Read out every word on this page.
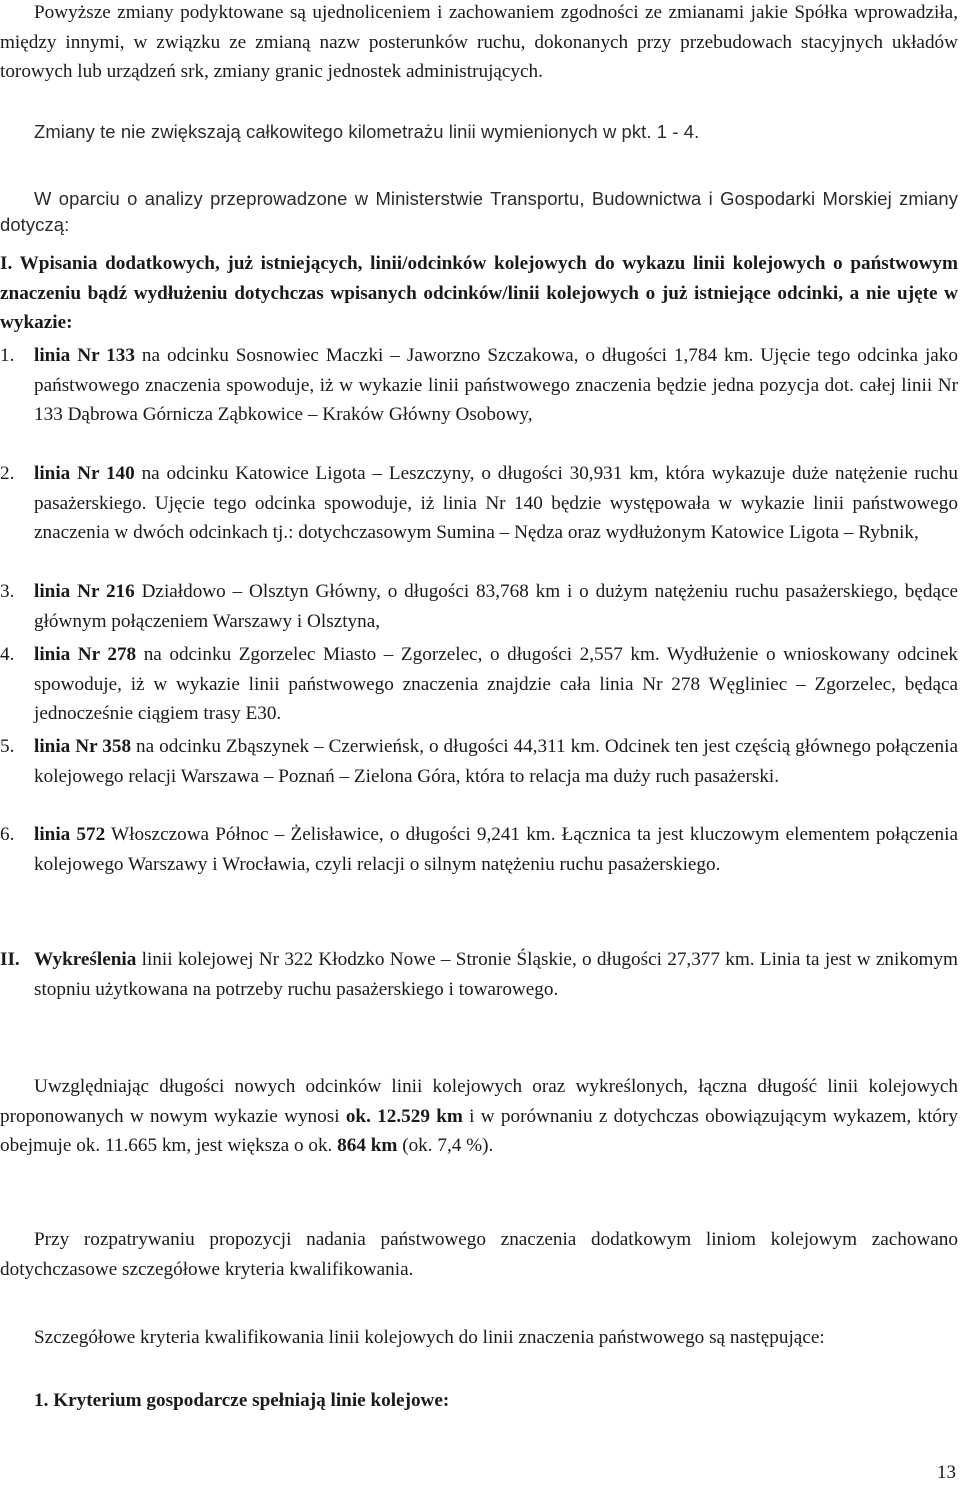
Powyższe zmiany podyktowane są ujednoliceniem i zachowaniem zgodności ze zmianami jakie Spółka wprowadziła, między innymi, w związku ze zmianą nazw posterunków ruchu, dokonanych przy przebudowach stacyjnych układów torowych lub urządzeń srk, zmiany granic jednostek administrujących.

Zmiany te nie zwiększają całkowitego kilometrażu linii wymienionych w pkt. 1 - 4.

W oparciu o analizy przeprowadzone w Ministerstwie Transportu, Budownictwa i Gospodarki Morskiej zmiany dotyczą:

I. Wpisania dodatkowych, już istniejących, linii/odcinków kolejowych do wykazu linii kolejowych o państwowym znaczeniu bądź wydłużeniu dotychczas wpisanych odcinków/linii kolejowych o już istniejące odcinki, a nie ujęte w wykazie:

1.	linia Nr 133 na odcinku Sosnowiec Maczki – Jaworzno Szczakowa, o długości 1,784 km. Ujęcie tego odcinka jako państwowego znaczenia spowoduje, iż w wykazie linii państwowego znaczenia będzie jedna pozycja dot. całej linii Nr 133 Dąbrowa Górnicza Ząbkowice – Kraków Główny Osobowy,
2.	linia Nr 140 na odcinku Katowice Ligota – Leszczyny, o długości 30,931 km, która wykazuje duże natężenie ruchu pasażerskiego. Ujęcie tego odcinka spowoduje, iż linia Nr 140 będzie występowała w wykazie linii państwowego znaczenia w dwóch odcinkach tj.: dotychczasowym Sumina – Nędza oraz wydłużonym Katowice Ligota – Rybnik,
3.	linia Nr 216 Działdowo – Olsztyn Główny, o długości 83,768 km i o dużym natężeniu ruchu pasażerskiego, będące głównym połączeniem Warszawy i Olsztyna,
4.	linia Nr 278 na odcinku Zgorzelec Miasto – Zgorzelec, o długości 2,557 km. Wydłużenie o wnioskowany odcinek spowoduje, iż w wykazie linii państwowego znaczenia znajdzie cała linia Nr 278 Węgliniec – Zgorzelec, będąca jednocześnie ciągiem trasy E30.
5.	linia Nr 358 na odcinku Zbąszynek – Czerwieńsk, o długości 44,311 km. Odcinek ten jest częścią głównego połączenia kolejowego relacji Warszawa – Poznań – Zielona Góra, która to relacja ma duży ruch pasażerski.
6.	linia 572 Włoszczowa Północ – Żelisławice, o długości 9,241 km. Łącznica ta jest kluczowym elementem połączenia kolejowego Warszawy i Wrocławia, czyli relacji o silnym natężeniu ruchu pasażerskiego.
II. Wykreślenia linii kolejowej Nr 322 Kłodzko Nowe – Stronie Śląskie, o długości 27,377 km. Linia ta jest w znikomym stopniu użytkowana na potrzeby ruchu pasażerskiego i towarowego.

Uwzględniając długości nowych odcinków linii kolejowych oraz wykreślonych, łączna długość linii kolejowych proponowanych w nowym wykazie wynosi ok. 12.529 km i w porównaniu z dotychczas obowiązującym wykazem, który obejmuje ok. 11.665 km, jest większa o ok. 864 km (ok. 7,4 %).

Przy rozpatrywaniu propozycji nadania państwowego znaczenia dodatkowym liniom kolejowym zachowano dotychczasowe szczegółowe kryteria kwalifikowania.

Szczegółowe kryteria kwalifikowania linii kolejowych do linii znaczenia państwowego są następujące:

1. Kryterium gospodarcze spełniają linie kolejowe:

13
